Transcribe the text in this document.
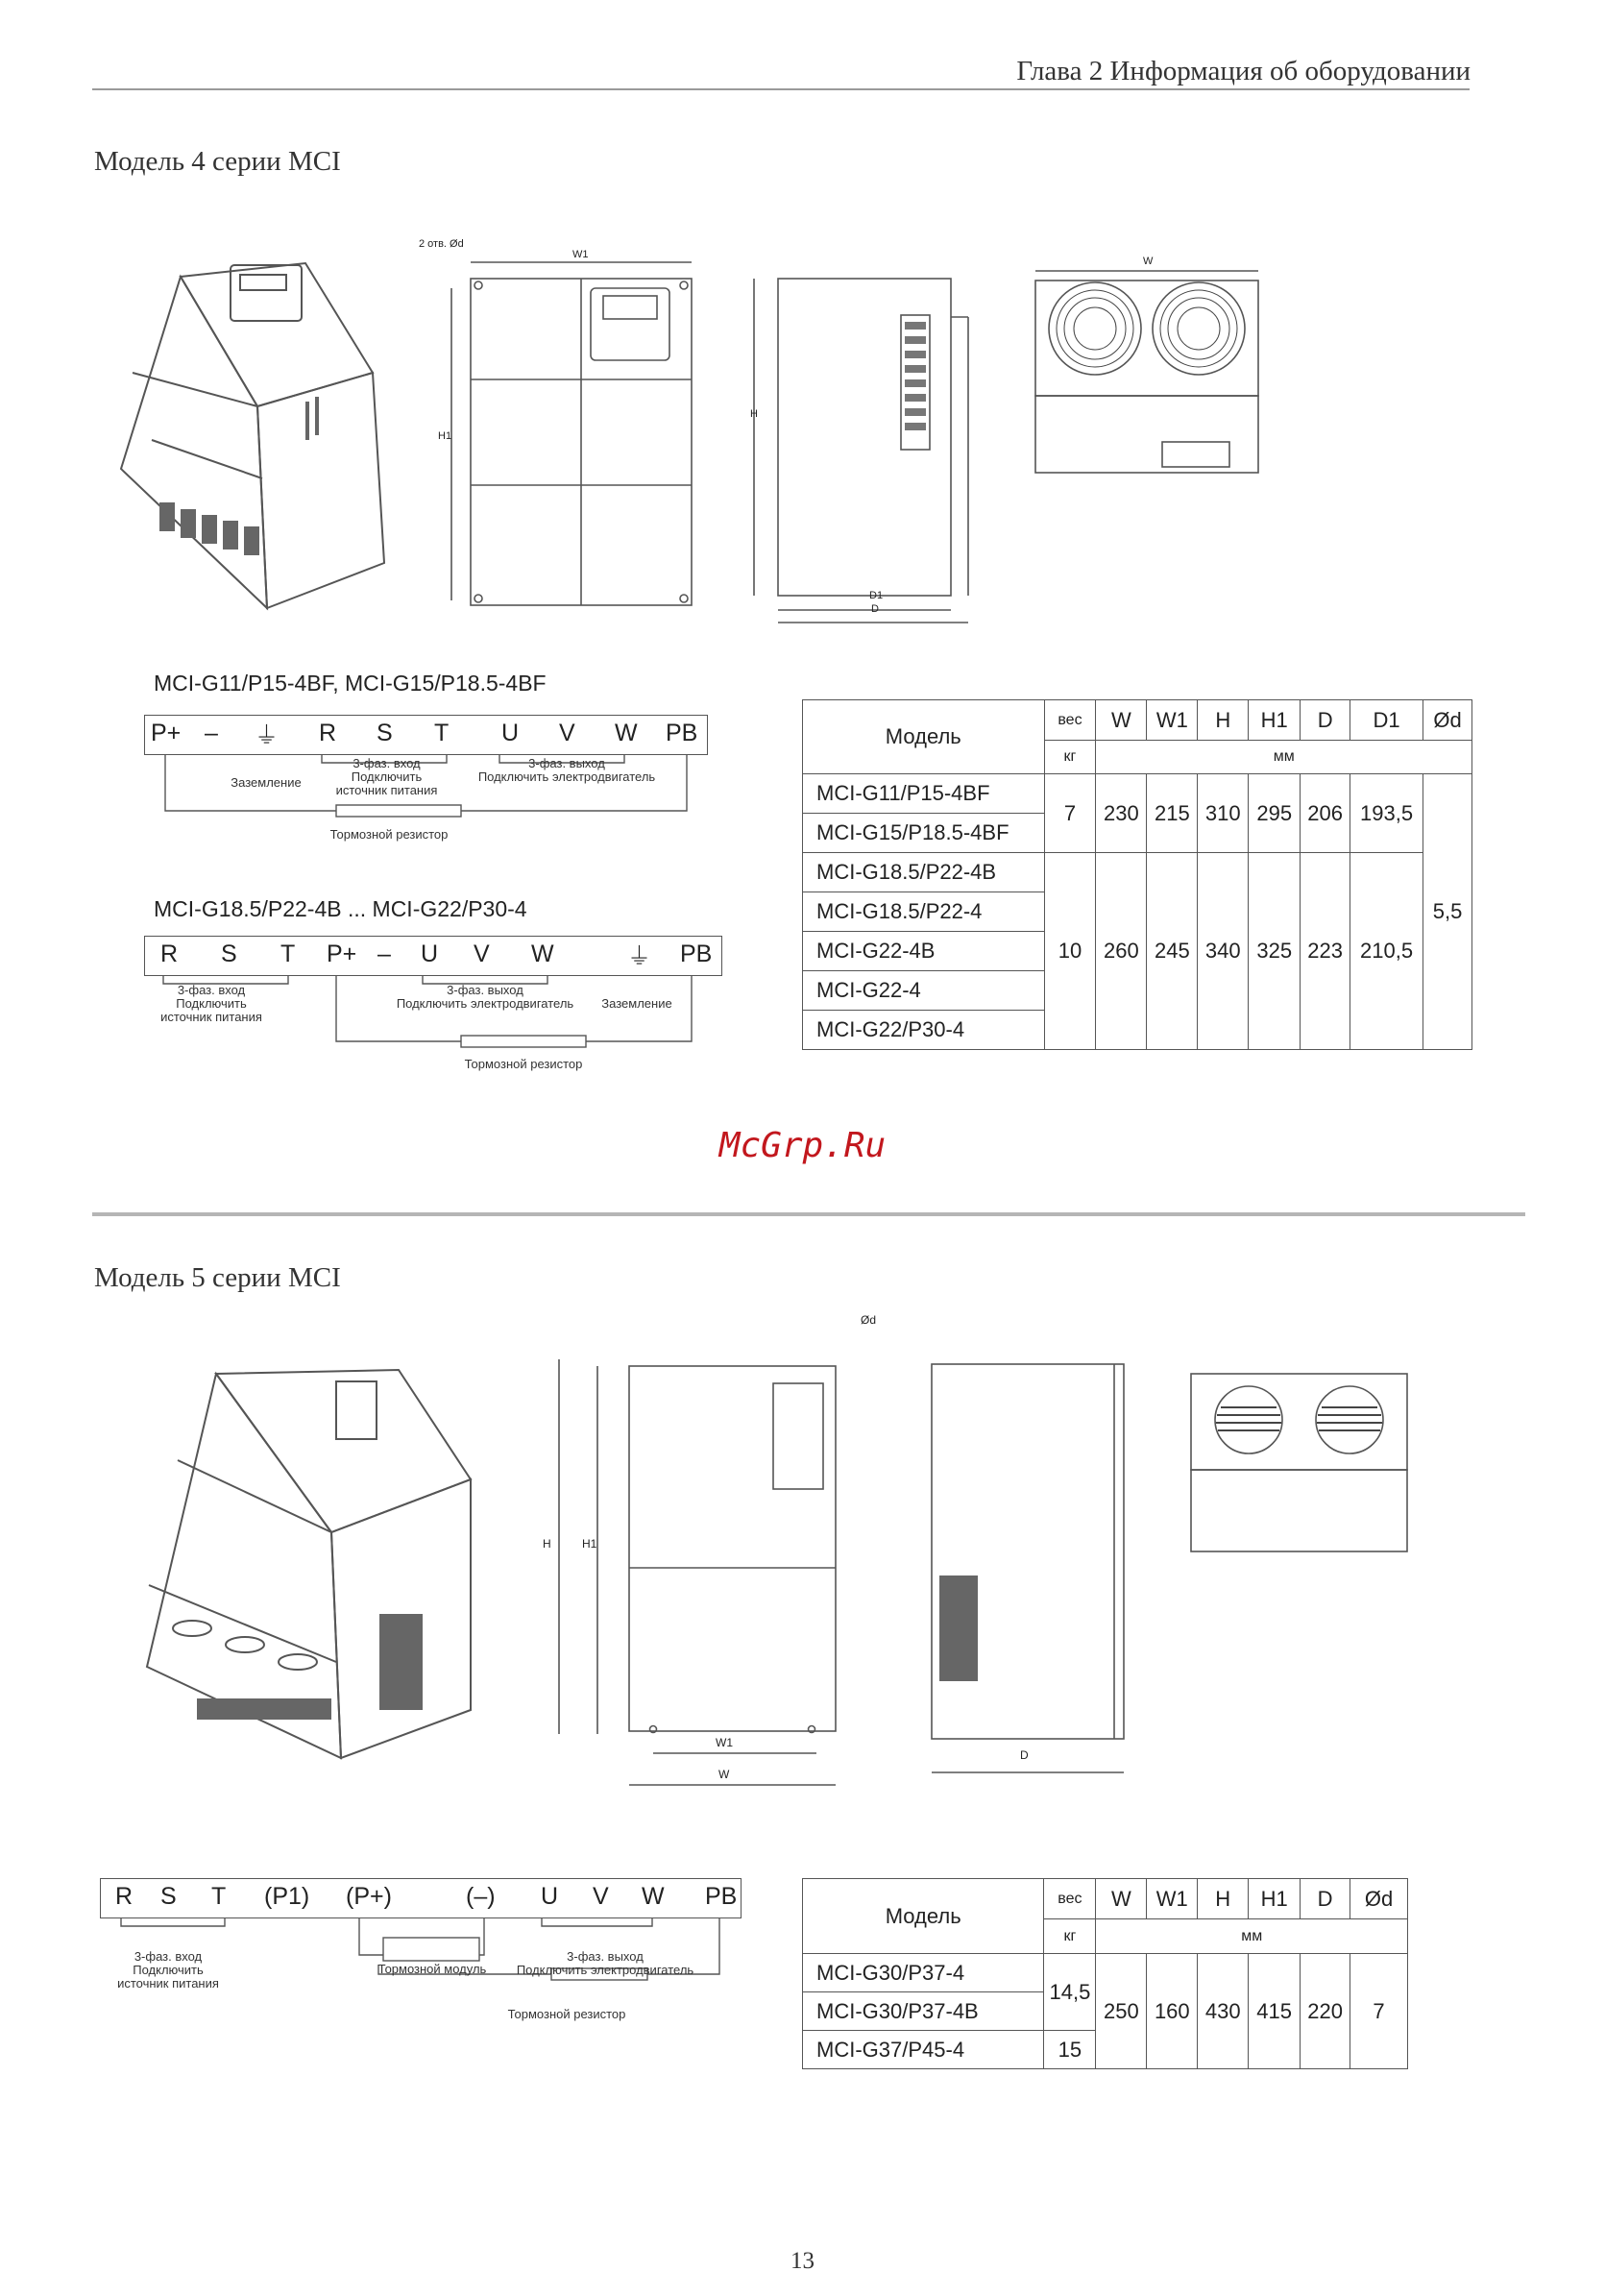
Глава 2 Информация об оборудовании
Модель 4 серии MCI
2 отв. Ød
W1
H1
H
D1
D
W
MCI-G11/P15-4BF, MCI-G15/P18.5-4BF
P+ – ⏚ R S T U V W PB
Заземление
3-фаз. вход
Подключить
источник питания
3-фаз. выход
Подключить электродвигатель
Тормозной резистор
MCI-G18.5/P22-4B ... MCI-G22/P30-4
R S T P+ – U V W	⏚ PB
3-фаз. вход
Подключить
источник питания
3-фаз. выход
Подключить электродвигатель	Заземление
Тормозной резистор
Модель	вес	W	W1	H	H1	D	D1	Ød
	кг	мм						
MCI-G11/P15-4BF	7	230	215	310	295	206	193,5	5,5
MCI-G15/P18.5-4BF								
MCI-G18.5/P22-4B	10	260	245	340	325	223	210,5	
MCI-G18.5/P22-4								
MCI-G22-4B								
MCI-G22-4								
MCI-G22/P30-4								
McGrp.Ru
Модель 5 серии MCI
Ød
H	H1
W1
W
D
R S T (P1) (P+)	(–) U V W PB
3-фаз. вход
Подключить
источник питания
Тормозной модуль
3-фаз. выход
Подключить электродвигатель
Тормозной резистор
Модель	вес	W	W1	H	H1	D	Ød
	кг	мм					
MCI-G30/P37-4	14,5	250	160	430	415	220	7
MCI-G30/P37-4B							
MCI-G37/P45-4	15						
13
